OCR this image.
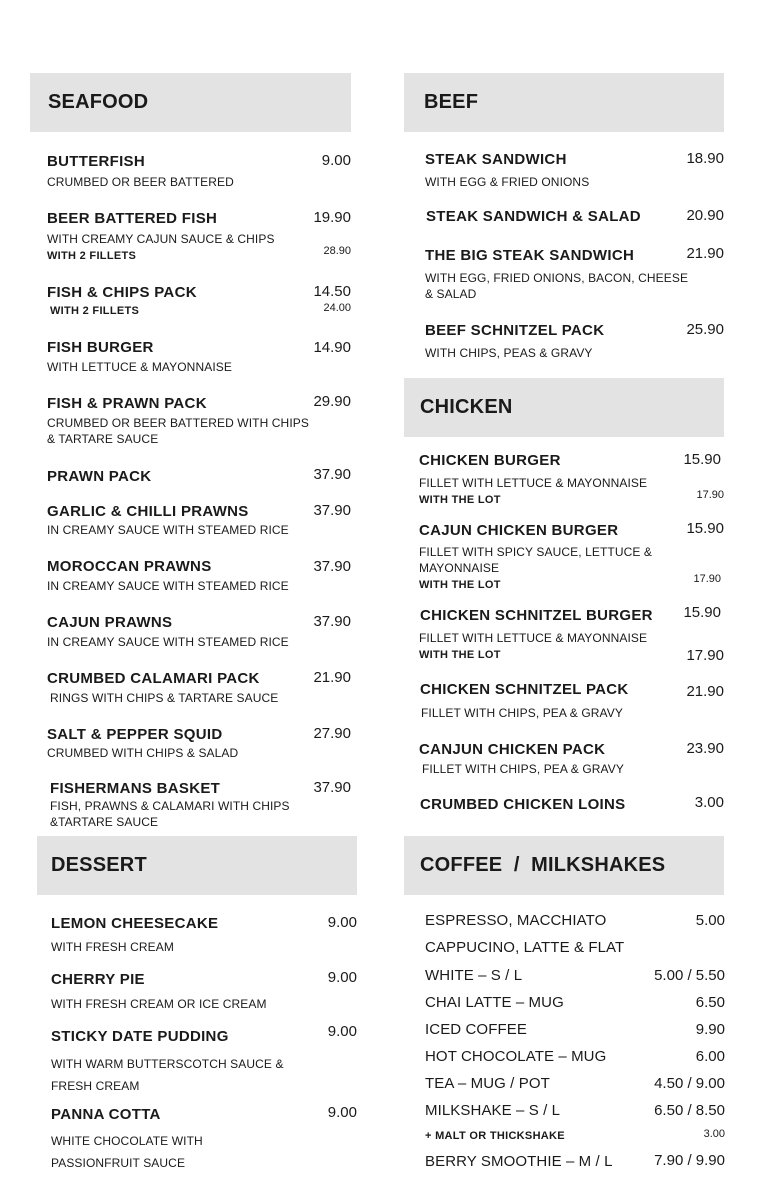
SEAFOOD
BUTTERFISH	9.00
CRUMBED OR BEER BATTERED
BEER BATTERED FISH	19.90
WITH CREAMY CAJUN SAUCE & CHIPS
WITH 2 FILLETS	28.90
FISH & CHIPS PACK	14.50
WITH 2 FILLETS	24.00
FISH BURGER	14.90
WITH LETTUCE & MAYONNAISE
FISH & PRAWN PACK	29.90
CRUMBED OR BEER BATTERED WITH CHIPS & TARTARE SAUCE
PRAWN PACK	37.90
GARLIC & CHILLI PRAWNS	37.90
IN CREAMY SAUCE WITH STEAMED RICE
MOROCCAN PRAWNS	37.90
IN CREAMY SAUCE WITH STEAMED RICE
CAJUN PRAWNS	37.90
IN CREAMY SAUCE WITH STEAMED RICE
CRUMBED CALAMARI PACK	21.90
RINGS WITH CHIPS & TARTARE SAUCE
SALT & PEPPER SQUID	27.90
CRUMBED WITH CHIPS & SALAD
FISHERMANS BASKET	37.90
FISH, PRAWNS & CALAMARI WITH CHIPS &TARTARE SAUCE
BEEF
STEAK SANDWICH	18.90
WITH EGG & FRIED ONIONS
STEAK SANDWICH & SALAD	20.90
THE BIG STEAK SANDWICH	21.90
WITH EGG, FRIED ONIONS, BACON, CHEESE & SALAD
BEEF SCHNITZEL PACK	25.90
WITH CHIPS, PEAS & GRAVY
CHICKEN
CHICKEN BURGER	15.90
FILLET WITH LETTUCE & MAYONNAISE
WITH THE LOT	17.90
CAJUN CHICKEN BURGER	15.90
FILLET WITH SPICY SAUCE, LETTUCE & MAYONNAISE
WITH THE LOT	17.90
CHICKEN SCHNITZEL BURGER	15.90
FILLET WITH LETTUCE & MAYONNAISE
WITH THE LOT	17.90
CHICKEN SCHNITZEL PACK	21.90
FILLET WITH CHIPS, PEA & GRAVY
CANJUN CHICKEN PACK	23.90
FILLET WITH CHIPS, PEA & GRAVY
CRUMBED CHICKEN LOINS	3.00
DESSERT
LEMON CHEESECAKE	9.00
WITH FRESH CREAM
CHERRY PIE	9.00
WITH FRESH CREAM OR ICE CREAM
STICKY DATE PUDDING	9.00
WITH WARM BUTTERSCOTCH SAUCE & FRESH CREAM
PANNA COTTA	9.00
WHITE CHOCOLATE WITH PASSIONFRUIT SAUCE
COFFEE  /  MILKSHAKES
ESPRESSO, MACCHIATO	5.00
CAPPUCINO, LATTE & FLAT
WHITE – S / L	5.00 / 5.50
CHAI LATTE – MUG	6.50
ICED COFFEE	9.90
HOT CHOCOLATE – MUG	6.00
TEA – MUG / POT	4.50 / 9.00
MILKSHAKE – S / L	6.50 / 8.50
+ MALT OR THICKSHAKE	3.00
BERRY SMOOTHIE – M / L	7.90 / 9.90
